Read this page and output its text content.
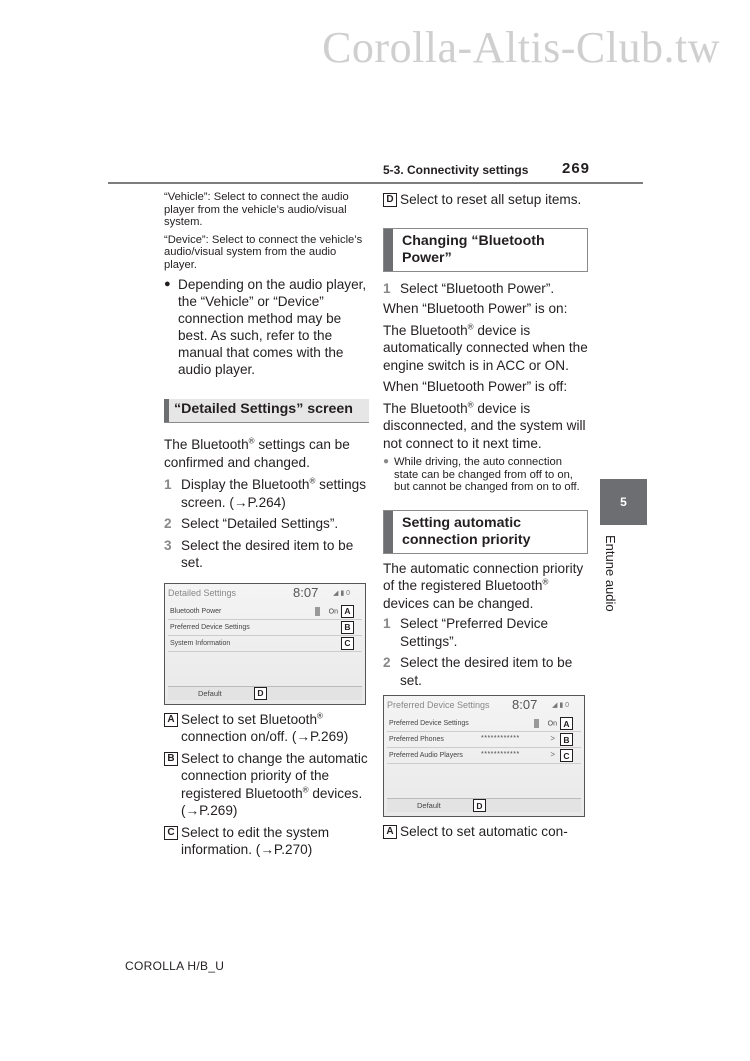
Corolla-Altis-Club.tw
5-3. Connectivity settings 269
5
Entune audio
“Vehicle”: Select to connect the audio player from the vehicle’s audio/visual system.
“Device”: Select to connect the vehicle’s audio/visual system from the audio player.
● Depending on the audio player, the “Vehicle” or “Device” connection method may be best. As such, refer to the manual that comes with the audio player.
“Detailed Settings” screen
The Bluetooth® settings can be confirmed and changed.
1 Display the Bluetooth® settings screen. (→P.264)
2 Select “Detailed Settings”.
3 Select the desired item to be set.
Detailed Settings	8:07 ◢ ▮ 0
Bluetooth Power	On A
Preferred Device Settings	B
System Information	C
Default	D
A Select to set Bluetooth® connection on/off. (→P.269)
B Select to change the automatic connection priority of the registered Bluetooth® devices. (→P.269)
C Select to edit the system information. (→P.270)
D Select to reset all setup items.
Changing “Bluetooth Power”
1 Select “Bluetooth Power”.

When “Bluetooth Power” is on:

The Bluetooth® device is automatically connected when the engine switch is in ACC or ON.

When “Bluetooth Power” is off:

The Bluetooth® device is disconnected, and the system will not connect to it next time.

● While driving, the auto connection state can be changed from off to on, but cannot be changed from on to off.
Setting automatic connection priority
The automatic connection priority of the registered Bluetooth® devices can be changed.
1 Select “Preferred Device Settings”.
2 Select the desired item to be set.
Preferred Device Settings 8:07 ◢ ▮ 0
Preferred Device Settings	On A
Preferred Phones	************	> B
Preferred Audio Players	************	> C
Default	D
A Select to set automatic con-
COROLLA H/B_U
